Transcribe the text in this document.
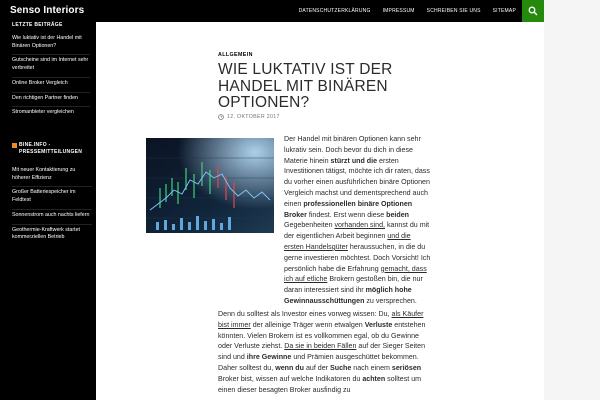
Senso Interiors	DATENSCHUTZERKLÄRUNG	IMPRESSUM	SCHREIBEN SIE UNS	SITEMAP
LETZTE BEITRÄGE
Wie luktativ ist der Handel mit Binären Optionen?
Gutscheine sind im Internet sehr verbreitet
Online Broker Vergleich
Den richtigen Partner finden
Stromanbieter vergleichen
BINE.INFO - PRESSEMITTEILUNGEN
Mit neuer Kontaktierung zu höherer Effizienz
Großer Batteriespeicher im Feldtest
Sonnenstrom auch nachts liefern
Geothermie-Kraftwerk startet kommerziellen Betrieb
ALLGEMEIN
WIE LUKTATIV IST DER HANDEL MIT BINÄREN OPTIONEN?
12. OKTOBER 2017

Der Handel mit binären Optionen kann sehr lukrativ sein. Doch bevor du dich in diese Materie hinein stürzt und die ersten Investitionen tätigst, möchte ich dir raten, dass du vorher einen ausführlichen binäre Optionen Vergleich machst und dementsprechend auch einen professionellen binäre Optionen Broker findest. Erst wenn diese beiden Gegebenheiten vorhanden sind, kannst du mit der eigentlichen Arbeit beginnen und die ersten Handelsgüter heraussuchen, in die du gerne investieren möchtest. Doch Vorsicht! Ich persönlich habe die Erfahrung gemacht, dass ich auf etliche Brokern gestoßen bin, die nur daran interessiert sind ihr möglich hohe Gewinnausschüttungen zu versprechen.

Denn du solltest als Investor eines vorweg wissen: Du, als Käufer bist immer der alleinige Träger wenn etwalgen Verluste entstehen könnten. Vielen Brokern ist es vollkommen egal, ob du Gewinne oder Verluste ziehst. Da sie in beiden Fällen auf der Sieger Seiten sind und ihre Gewinne und Prämien ausgeschüttet bekommen. Daher solltest du, wenn du auf der Suche nach einem seriösen Broker bist, wissen auf welche Indikatoren du achten solltest um einen dieser besagten Broker ausfindig zu
